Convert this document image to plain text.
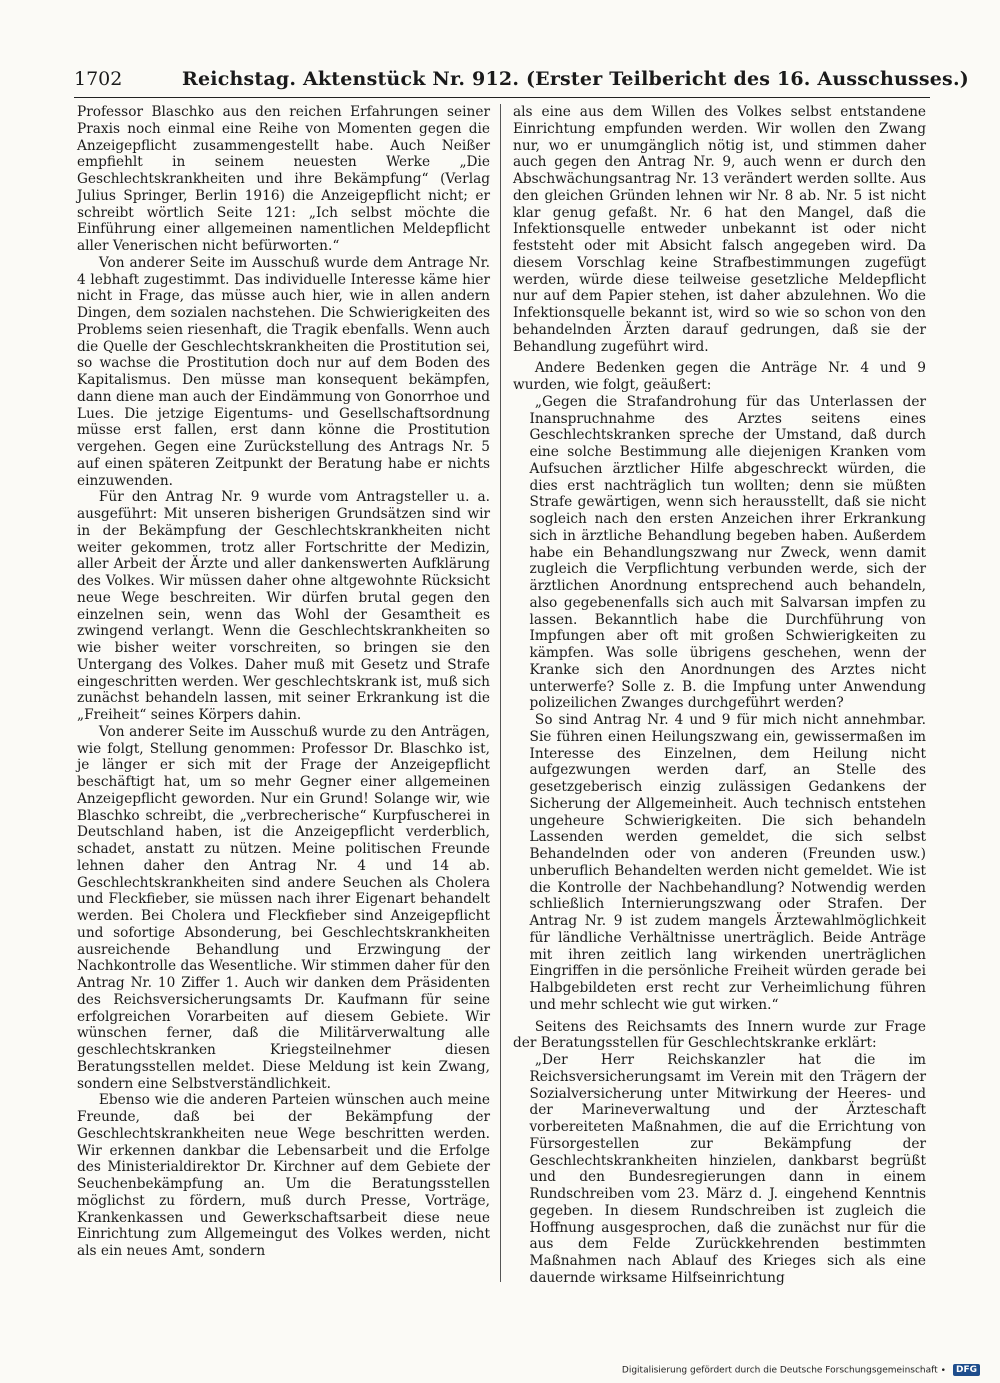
1702	Reichstag. Aktenstück Nr. 912. (Erster Teilbericht des 16. Ausschusses.)

Professor Blaschko aus den reichen Erfahrungen seiner Praxis noch einmal eine Reihe von Momenten gegen die Anzeigepflicht zusammengestellt habe. Auch Neißer empfiehlt in seinem neuesten Werke „Die Geschlechtskrankheiten und ihre Bekämpfung“ (Verlag Julius Springer, Berlin 1916) die Anzeigepflicht nicht; er schreibt wörtlich Seite 121: „Ich selbst möchte die Einführung einer allgemeinen namentlichen Meldepflicht aller Venerischen nicht befürworten.“

Von anderer Seite im Ausschuß wurde dem Antrage Nr. 4 lebhaft zugestimmt. Das individuelle Interesse käme hier nicht in Frage, das müsse auch hier, wie in allen andern Dingen, dem sozialen nachstehen. Die Schwierigkeiten des Problems seien riesenhaft, die Tragik ebenfalls. Wenn auch die Quelle der Geschlechtskrankheiten die Prostitution sei, so wachse die Prostitution doch nur auf dem Boden des Kapitalismus. Den müsse man konsequent bekämpfen, dann diene man auch der Eindämmung von Gonorrhoe und Lues. Die jetzige Eigentums- und Gesellschaftsordnung müsse erst fallen, erst dann könne die Prostitution vergehen. Gegen eine Zurückstellung des Antrags Nr. 5 auf einen späteren Zeitpunkt der Beratung habe er nichts einzuwenden.

Für den Antrag Nr. 9 wurde vom Antragsteller u. a. ausgeführt: Mit unseren bisherigen Grundsätzen sind wir in der Bekämpfung der Geschlechtskrankheiten nicht weiter gekommen, trotz aller Fortschritte der Medizin, aller Arbeit der Ärzte und aller dankenswerten Aufklärung des Volkes. Wir müssen daher ohne altgewohnte Rücksicht neue Wege beschreiten. Wir dürfen brutal gegen den einzelnen sein, wenn das Wohl der Gesamtheit es zwingend verlangt. Wenn die Geschlechtskrankheiten so wie bisher weiter vorschreiten, so bringen sie den Untergang des Volkes. Daher muß mit Gesetz und Strafe eingeschritten werden. Wer geschlechtskrank ist, muß sich zunächst behandeln lassen, mit seiner Erkrankung ist die „Freiheit“ seines Körpers dahin.

Von anderer Seite im Ausschuß wurde zu den Anträgen, wie folgt, Stellung genommen: Professor Dr. Blaschko ist, je länger er sich mit der Frage der Anzeigepflicht beschäftigt hat, um so mehr Gegner einer allgemeinen Anzeigepflicht geworden. Nur ein Grund! Solange wir, wie Blaschko schreibt, die „verbrecherische“ Kurpfuscherei in Deutschland haben, ist die Anzeigepflicht verderblich, schadet, anstatt zu nützen. Meine politischen Freunde lehnen daher den Antrag Nr. 4 und 14 ab. Geschlechtskrankheiten sind andere Seuchen als Cholera und Fleckfieber, sie müssen nach ihrer Eigenart behandelt werden. Bei Cholera und Fleckfieber sind Anzeigepflicht und sofortige Absonderung, bei Geschlechtskrankheiten ausreichende Behandlung und Erzwingung der Nachkontrolle das Wesentliche. Wir stimmen daher für den Antrag Nr. 10 Ziffer 1. Auch wir danken dem Präsidenten des Reichsversicherungsamts Dr. Kaufmann für seine erfolgreichen Vorarbeiten auf diesem Gebiete. Wir wünschen ferner, daß die Militärverwaltung alle geschlechtskranken Kriegsteilnehmer diesen Beratungsstellen meldet. Diese Meldung ist kein Zwang, sondern eine Selbstverständlichkeit.

Ebenso wie die anderen Parteien wünschen auch meine Freunde, daß bei der Bekämpfung der Geschlechtskrankheiten neue Wege beschritten werden. Wir erkennen dankbar die Lebensarbeit und die Erfolge des Ministerialdirektor Dr. Kirchner auf dem Gebiete der Seuchenbekämpfung an. Um die Beratungsstellen möglichst zu fördern, muß durch Presse, Vorträge, Krankenkassen und Gewerkschaftsarbeit diese neue Einrichtung zum Allgemeingut des Volkes werden, nicht als ein neues Amt, sondern

als eine aus dem Willen des Volkes selbst entstandene Einrichtung empfunden werden. Wir wollen den Zwang nur, wo er unumgänglich nötig ist, und stimmen daher auch gegen den Antrag Nr. 9, auch wenn er durch den Abschwächungsantrag Nr. 13 verändert werden sollte. Aus den gleichen Gründen lehnen wir Nr. 8 ab. Nr. 5 ist nicht klar genug gefaßt. Nr. 6 hat den Mangel, daß die Infektionsquelle entweder unbekannt ist oder nicht feststeht oder mit Absicht falsch angegeben wird. Da diesem Vorschlag keine Strafbestimmungen zugefügt werden, würde diese teilweise gesetzliche Meldepflicht nur auf dem Papier stehen, ist daher abzulehnen. Wo die Infektionsquelle bekannt ist, wird so wie so schon von den behandelnden Ärzten darauf gedrungen, daß sie der Behandlung zugeführt wird.

Andere Bedenken gegen die Anträge Nr. 4 und 9 wurden, wie folgt, geäußert:

„Gegen die Strafandrohung für das Unterlassen der Inanspruchnahme des Arztes seitens eines Geschlechtskranken spreche der Umstand, daß durch eine solche Bestimmung alle diejenigen Kranken vom Aufsuchen ärztlicher Hilfe abgeschreckt würden, die dies erst nachträglich tun wollten; denn sie müßten Strafe gewärtigen, wenn sich herausstellt, daß sie nicht sogleich nach den ersten Anzeichen ihrer Erkrankung sich in ärztliche Behandlung begeben haben. Außerdem habe ein Behandlungszwang nur Zweck, wenn damit zugleich die Verpflichtung verbunden werde, sich der ärztlichen Anordnung entsprechend auch behandeln, also gegebenenfalls sich auch mit Salvarsan impfen zu lassen. Bekanntlich habe die Durchführung von Impfungen aber oft mit großen Schwierigkeiten zu kämpfen. Was solle übrigens geschehen, wenn der Kranke sich den Anordnungen des Arztes nicht unterwerfe? Solle z. B. die Impfung unter Anwendung polizeilichen Zwanges durchgeführt werden?

So sind Antrag Nr. 4 und 9 für mich nicht annehmbar. Sie führen einen Heilungszwang ein, gewissermaßen im Interesse des Einzelnen, dem Heilung nicht aufgezwungen werden darf, an Stelle des gesetzgeberisch einzig zulässigen Gedankens der Sicherung der Allgemeinheit. Auch technisch entstehen ungeheure Schwierigkeiten. Die sich behandeln Lassenden werden gemeldet, die sich selbst Behandelnden oder von anderen (Freunden usw.) unberuflich Behandelten werden nicht gemeldet. Wie ist die Kontrolle der Nachbehandlung? Notwendig werden schließlich Internierungszwang oder Strafen. Der Antrag Nr. 9 ist zudem mangels Ärztewahlmöglichkeit für ländliche Verhältnisse unerträglich. Beide Anträge mit ihren zeitlich lang wirkenden unerträglichen Eingriffen in die persönliche Freiheit würden gerade bei Halbgebildeten erst recht zur Verheimlichung führen und mehr schlecht wie gut wirken.“

Seitens des Reichsamts des Innern wurde zur Frage der Beratungsstellen für Geschlechtskranke erklärt:

„Der Herr Reichskanzler hat die im Reichsversicherungsamt im Verein mit den Trägern der Sozialversicherung unter Mitwirkung der Heeres- und der Marineverwaltung und der Ärzteschaft vorbereiteten Maßnahmen, die auf die Errichtung von Fürsorgestellen zur Bekämpfung der Geschlechtskrankheiten hinzielen, dankbarst begrüßt und den Bundesregierungen dann in einem Rundschreiben vom 23. März d. J. eingehend Kenntnis gegeben. In diesem Rundschreiben ist zugleich die Hoffnung ausgesprochen, daß die zunächst nur für die aus dem Felde Zurückkehrenden bestimmten Maßnahmen nach Ablauf des Krieges sich als eine dauernde wirksame Hilfseinrichtung

Digitalisierung gefördert durch die Deutsche Forschungsgemeinschaft • DFG
